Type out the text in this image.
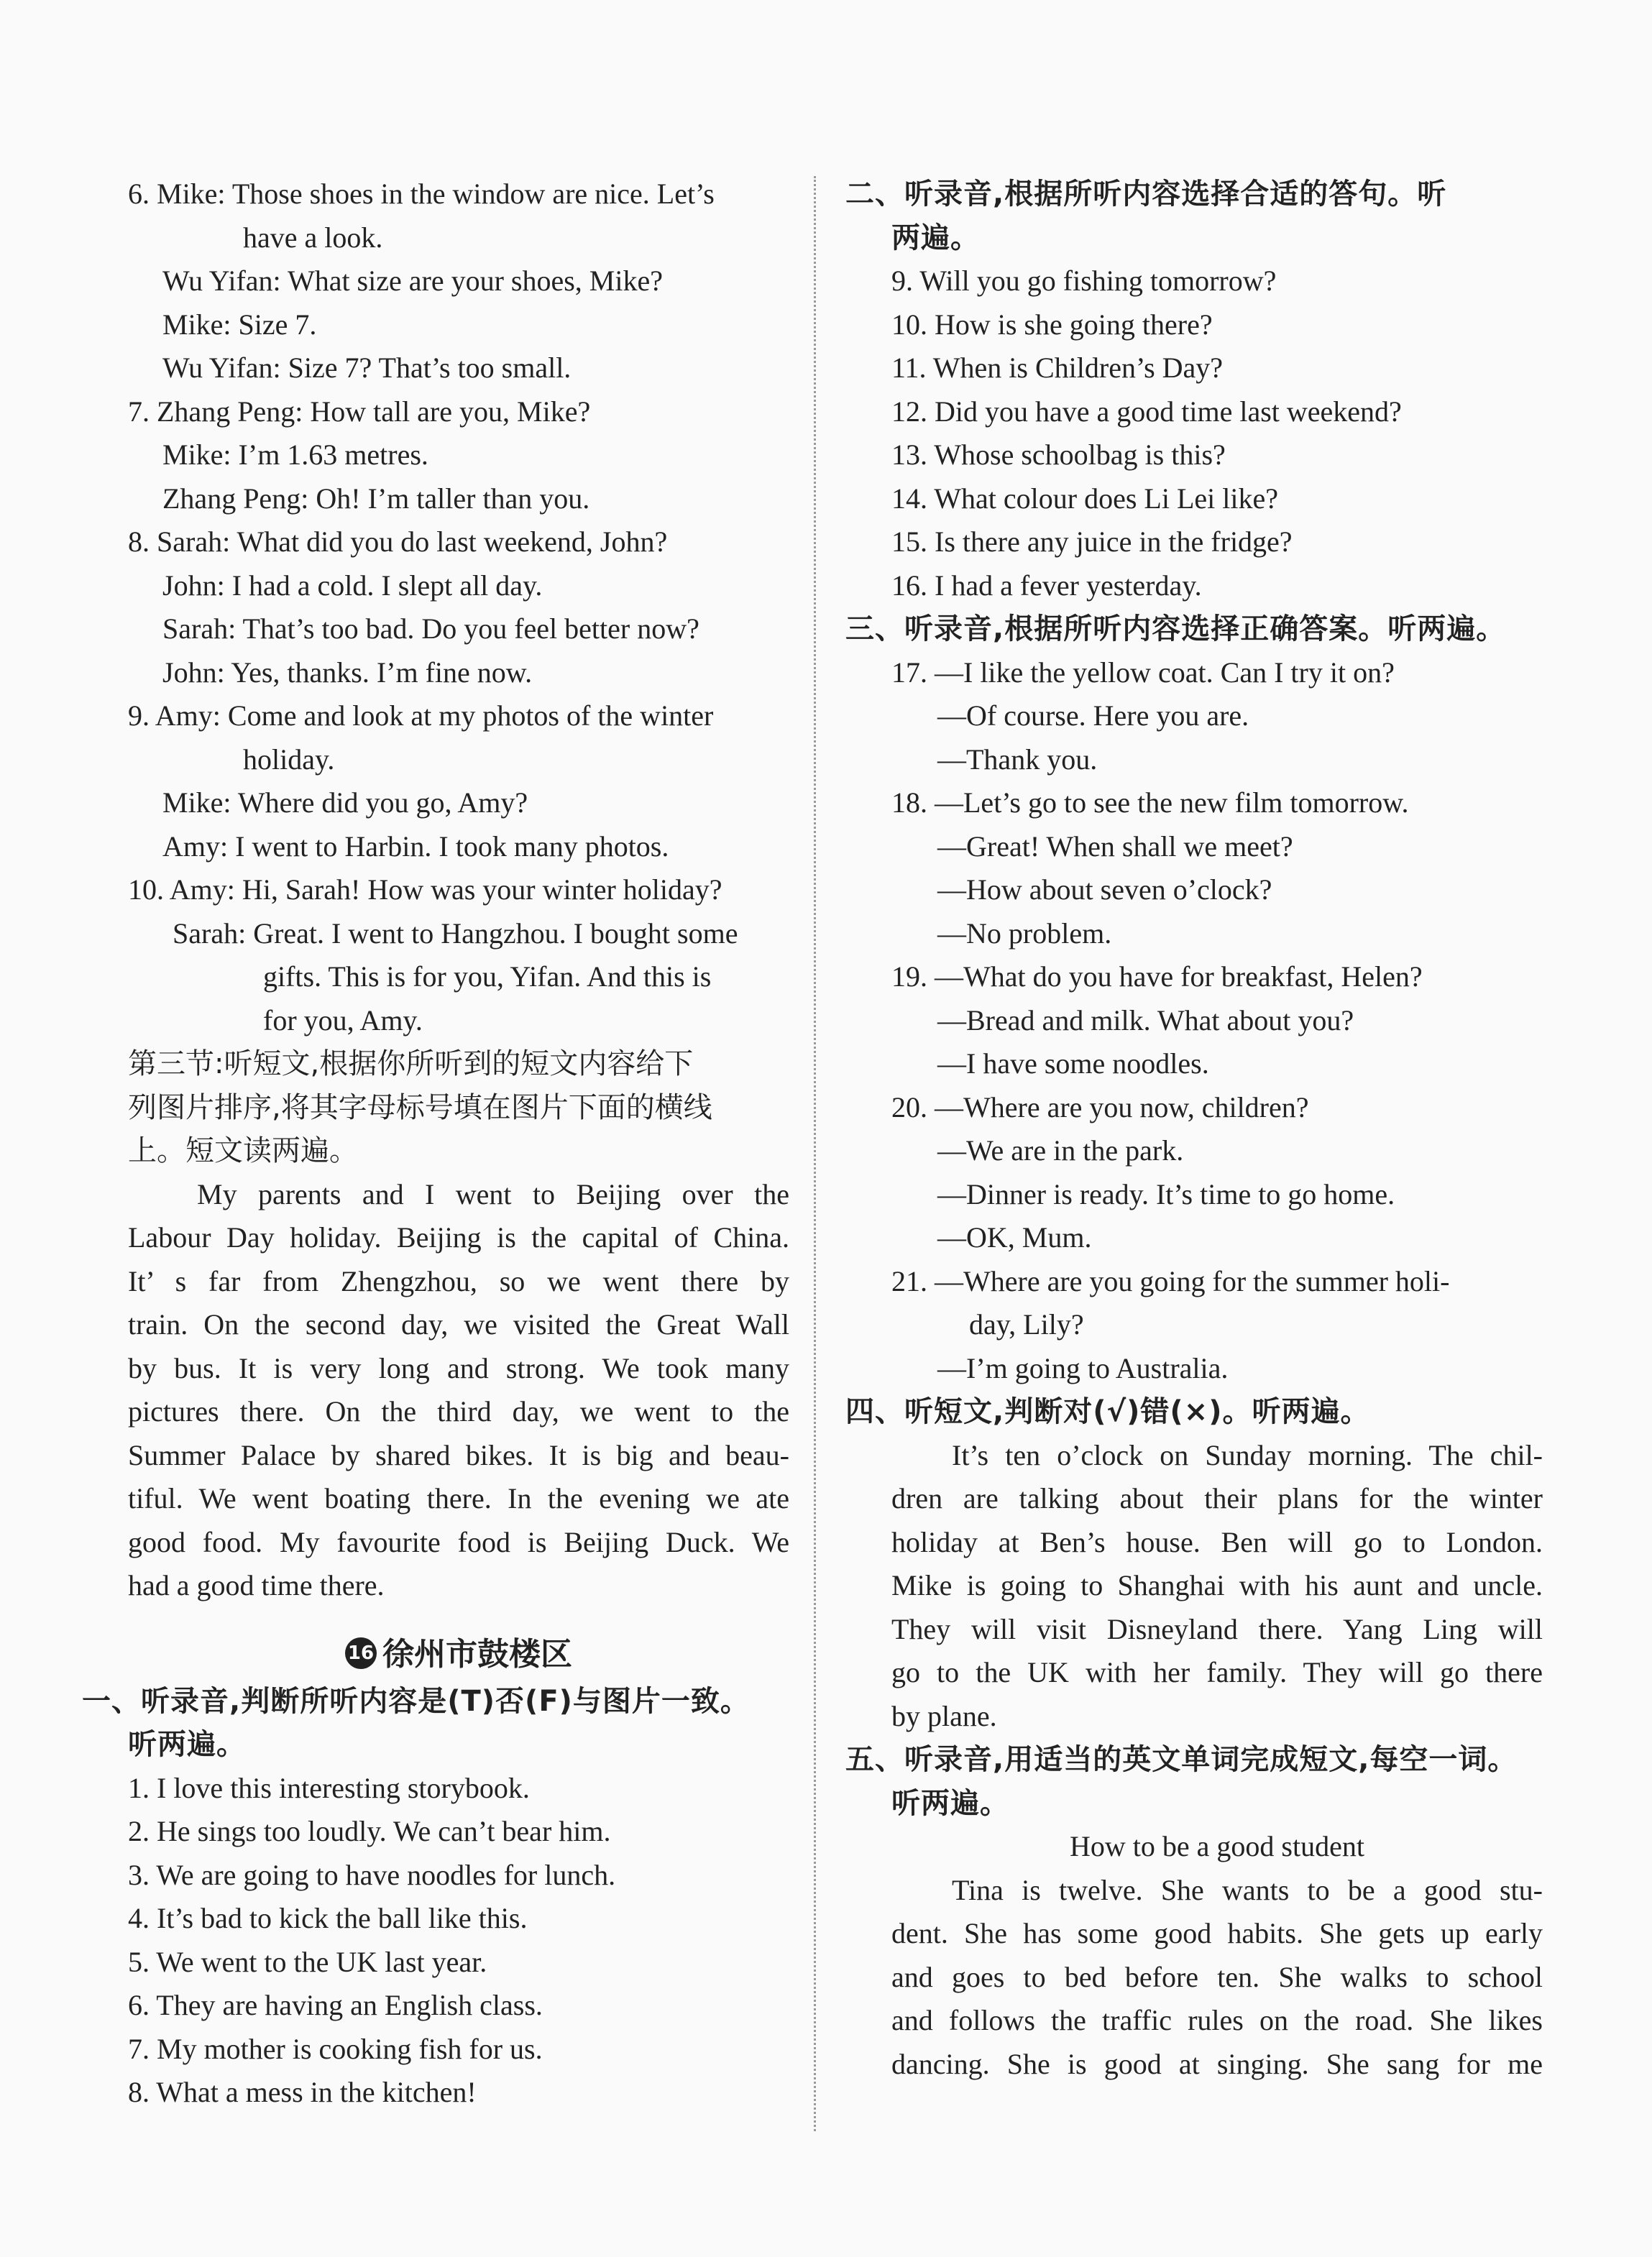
6. Mike: Those shoes in the window are nice. Let’s
have a look.
Wu Yifan: What size are your shoes, Mike?
Mike: Size 7.
Wu Yifan: Size 7? That’s too small.
7. Zhang Peng: How tall are you, Mike?
Mike: I’m 1.63 metres.
Zhang Peng: Oh! I’m taller than you.
8. Sarah: What did you do last weekend, John?
John: I had a cold. I slept all day.
Sarah: That’s too bad. Do you feel better now?
John: Yes, thanks. I’m fine now.
9. Amy: Come and look at my photos of the winter
holiday.
Mike: Where did you go, Amy?
Amy: I went to Harbin. I took many photos.
10. Amy: Hi, Sarah! How was your winter holiday?
Sarah: Great. I went to Hangzhou. I bought some
gifts. This is for you, Yifan. And this is
for you, Amy.
第三节:听短文,根据你所听到的短文内容给下
列图片排序,将其字母标号填在图片下面的横线
上。短文读两遍。
My parents and I went to Beijing over the
Labour Day holiday. Beijing is the capital of China.
It’ s far from Zhengzhou, so we went there by
train. On the second day, we visited the Great Wall
by bus. It is very long and strong. We took many
pictures there. On the third day, we went to the
Summer Palace by shared bikes. It is big and beau-
tiful. We went boating there. In the evening we ate
good food. My favourite food is Beijing Duck. We
had a good time there.
16 徐州市鼓楼区
一、听录音,判断所听内容是(T)否(F)与图片一致。
听两遍。
1. I love this interesting storybook.
2. He sings too loudly. We can’t bear him.
3. We are going to have noodles for lunch.
4. It’s bad to kick the ball like this.
5. We went to the UK last year.
6. They are having an English class.
7. My mother is cooking fish for us.
8. What a mess in the kitchen!
二、听录音,根据所听内容选择合适的答句。听
两遍。
9. Will you go fishing tomorrow?
10. How is she going there?
11. When is Children’s Day?
12. Did you have a good time last weekend?
13. Whose schoolbag is this?
14. What colour does Li Lei like?
15. Is there any juice in the fridge?
16. I had a fever yesterday.
三、听录音,根据所听内容选择正确答案。听两遍。
17. —I like the yellow coat. Can I try it on?
—Of course. Here you are.
—Thank you.
18. —Let’s go to see the new film tomorrow.
—Great! When shall we meet?
—How about seven o’clock?
—No problem.
19. —What do you have for breakfast, Helen?
—Bread and milk. What about you?
—I have some noodles.
20. —Where are you now, children?
—We are in the park.
—Dinner is ready. It’s time to go home.
—OK, Mum.
21. —Where are you going for the summer holi-
day, Lily?
—I’m going to Australia.
四、听短文,判断对(√)错(×)。听两遍。
It’s ten o’clock on Sunday morning. The chil-
dren are talking about their plans for the winter
holiday at Ben’s house. Ben will go to London.
Mike is going to Shanghai with his aunt and uncle.
They will visit Disneyland there. Yang Ling will
go to the UK with her family. They will go there
by plane.
五、听录音,用适当的英文单词完成短文,每空一词。
听两遍。
How to be a good student
Tina is twelve. She wants to be a good stu-
dent. She has some good habits. She gets up early
and goes to bed before ten. She walks to school
and follows the traffic rules on the road. She likes
dancing. She is good at singing. She sang for me
